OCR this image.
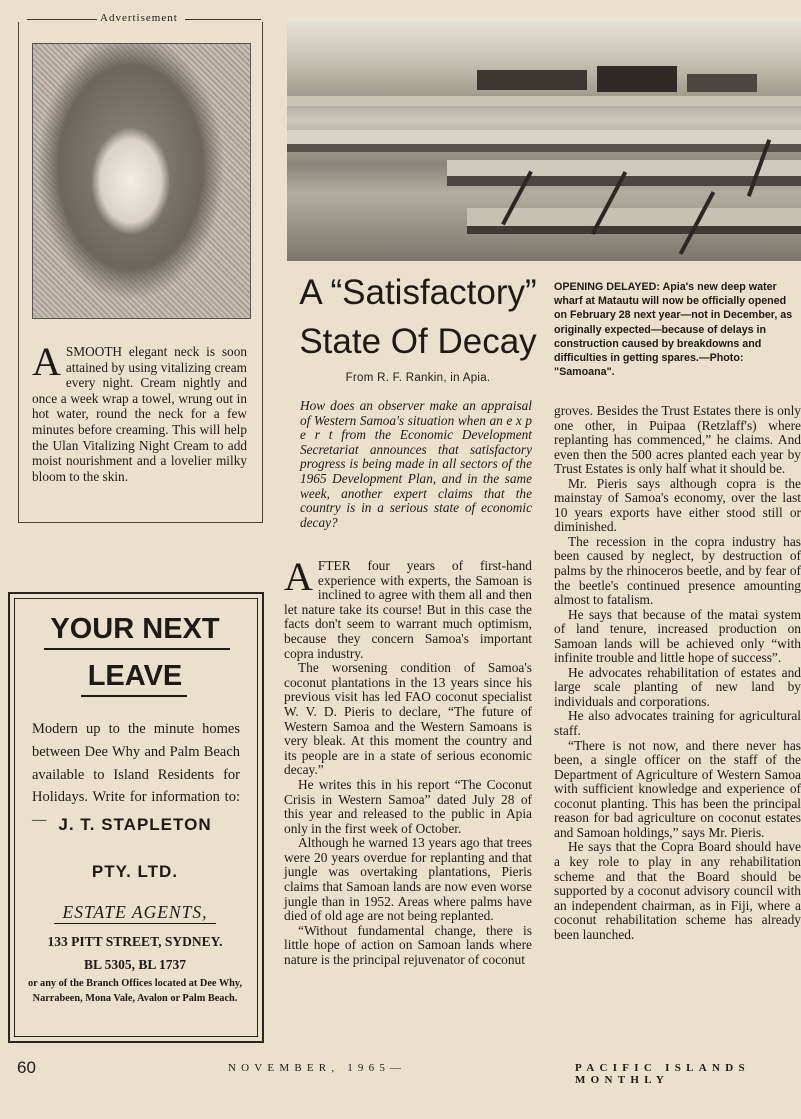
Advertisement
A SMOOTH elegant neck is soon attained by using vitalizing cream every night. Cream nightly and once a week wrap a towel, wrung out in hot water, round the neck for a few minutes before creaming. This will help the Ulan Vitalizing Night Cream to add moist nourishment and a lovelier milky bloom to the skin.
YOUR NEXT
LEAVE
Modern up to the minute homes between Dee Why and Palm Beach available to Island Residents for Holidays. Write for information to:— J. T. STAPLETON
PTY. LTD.
ESTATE AGENTS,
133 PITT STREET, SYDNEY.
BL 5305, BL 1737
or any of the Branch Offices located at Dee Why, Narrabeen, Mona Vale, Avalon or Palm Beach.
A “Satisfactory”
State Of Decay
From R. F. Rankin, in Apia.
How does an observer make an appraisal of Western Samoa's situation when an e x p e r t from the Economic Development Secretariat announces that satisfactory progress is being made in all sectors of the 1965 Development Plan, and in the same week, another expert claims that the country is in a serious state of economic decay?

AFTER four years of first-hand experience with experts, the Samoan is inclined to agree with them all and then let nature take its course! But in this case the facts don't seem to warrant much optimism, because they concern Samoa's important copra industry.

The worsening condition of Samoa's coconut plantations in the 13 years since his previous visit has led FAO coconut specialist W. V. D. Pieris to declare, “The future of Western Samoa and the Western Samoans is very bleak. At this moment the country and its people are in a state of serious economic decay.”

He writes this in his report “The Coconut Crisis in Western Samoa” dated July 28 of this year and released to the public in Apia only in the first week of October.

Although he warned 13 years ago that trees were 20 years overdue for replanting and that jungle was overtaking plantations, Pieris claims that Samoan lands are now even worse jungle than in 1952. Areas where palms have died of old age are not being replanted.

“Without fundamental change, there is little hope of action on Samoan lands where nature is the principal rejuvenator of coconut

OPENING DELAYED: Apia's new deep water wharf at Matautu will now be officially opened on February 28 next year—not in December, as originally expected—because of delays in construction caused by breakdowns and difficulties in getting spares.—Photo: "Samoana".

groves. Besides the Trust Estates there is only one other, in Puipaa (Retzlaff's) where replanting has commenced,” he claims. And even then the 500 acres planted each year by Trust Estates is only half what it should be.

Mr. Pieris says although copra is the mainstay of Samoa's economy, over the last 10 years exports have either stood still or diminished.

The recession in the copra industry has been caused by neglect, by destruction of palms by the rhinoceros beetle, and by fear of the beetle's continued presence amounting almost to fatalism.

He says that because of the matai system of land tenure, increased production on Samoan lands will be achieved only “with infinite trouble and little hope of success”.

He advocates rehabilitation of estates and large scale planting of new land by individuals and corporations.

He also advocates training for agricultural staff.

“There is not now, and there never has been, a single officer on the staff of the Department of Agriculture of Western Samoa with sufficient knowledge and experience of coconut planting. This has been the principal reason for bad agriculture on coconut estates and Samoan holdings,” says Mr. Pieris.

He says that the Copra Board should have a key role to play in any rehabilitation scheme and that the Board should be supported by a coconut advisory council with an independent chairman, as in Fiji, where a coconut rehabilitation scheme has already been launched.

60	NOVEMBER, 1965—	PACIFIC ISLANDS MONTHLY
